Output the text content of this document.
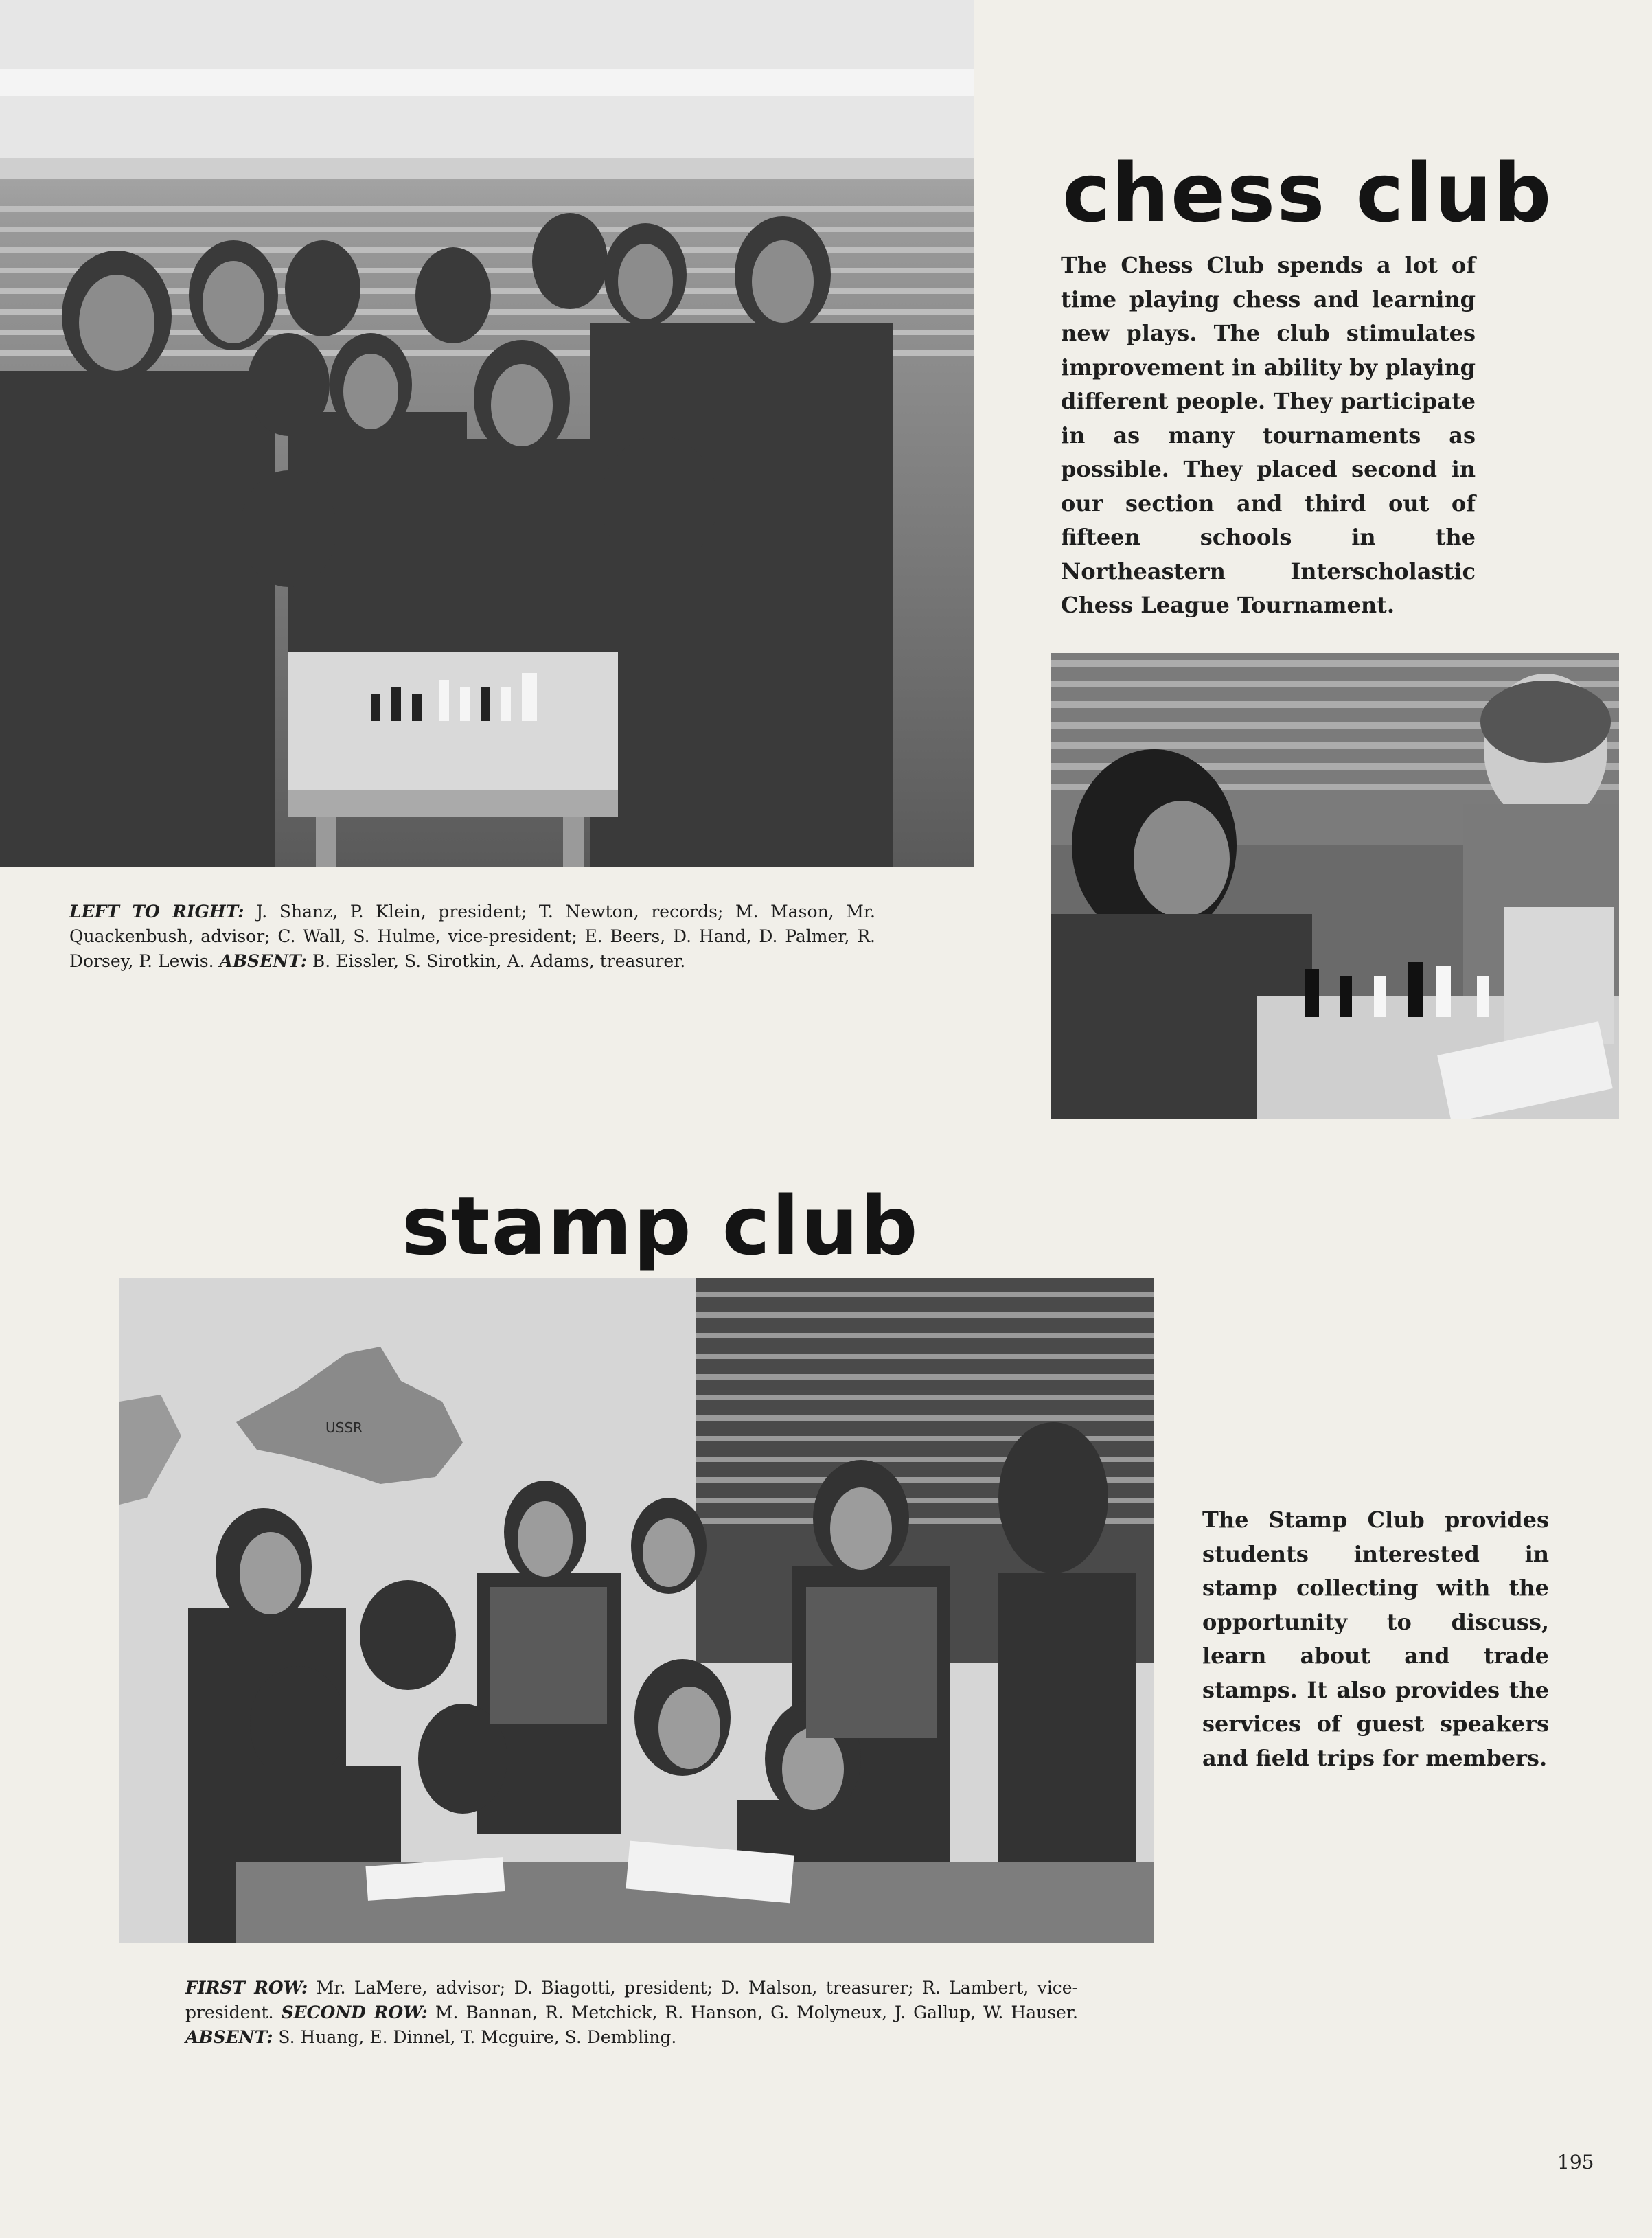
chess club

The Chess Club spends a lot of time playing chess and learning new plays. The club stimulates improvement in ability by playing different people. They participate in as many tournaments as possible. They placed second in our section and third out of fifteen schools in the Northeastern Interscholastic Chess League Tournament.

LEFT TO RIGHT: J. Shanz, P. Klein, president; T. Newton, records; M. Mason, Mr. Quackenbush, advisor; C. Wall, S. Hulme, vice-president; E. Beers, D. Hand, D. Palmer, R. Dorsey, P. Lewis. ABSENT: B. Eissler, S. Sirotkin, A. Adams, treasurer.

stamp club
USSR

The Stamp Club provides students interested in stamp collecting with the opportunity to discuss, learn about and trade stamps. It also provides the services of guest speakers and field trips for members.

FIRST ROW: Mr. LaMere, advisor; D. Biagotti, president; D. Malson, treasurer; R. Lambert, vice-president. SECOND ROW: M. Bannan, R. Metchick, R. Hanson, G. Molyneux, J. Gallup, W. Hauser. ABSENT: S. Huang, E. Dinnel, T. Mcguire, S. Dembling.

195
